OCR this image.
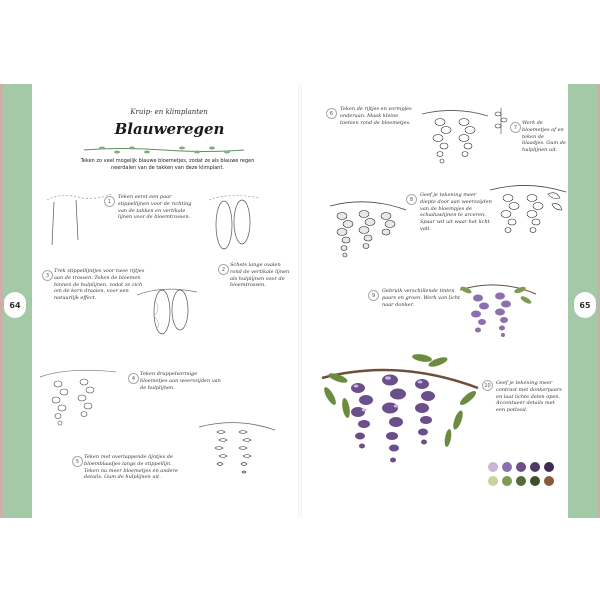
64	65
Kruip- en klimplanten
Blauweregen
Teken zo veel mogelijk blauwe bloemetjes, zodat ze als blauwe regen neerdalen van de takken van deze klimplant.
1
Teken eerst een paar stippellijnen voor de richting van de takken en vertikale lijnen voor de bloemtrossen.
2
Schets lange ovalen rond de vertikale lijnen als hulplijnen voor de bloemtrossen.
3
Trek stippellijntjes voor twee rijtjes aan de trossen. Teken de bloemen binnen de hulplijnen, zodat ze zich om de kern draaien, voor een natuurlijk effect.
4
Teken druppelvormige bloemetjes aan weerszijden van de hulplijnen.
5
Teken met overlappende lijntjes de bloemblaadjes langs de stippellijn. Teken nu meer bloemetjes en andere details. Gum de hulplijnen uit.
6
Teken de rijtjes en vormpjes onderaan. Maak kleine toetsen rond de bloemetjes.
7
Werk de bloemetjes af en teken de blaadjes. Gum de hulplijnen uit.
8
Geef je tekening meer diepte door aan weerszijden van de bloempjes de schaduwlijnen te arceren. Spaar wit uit waar het licht valt.
9
Gebruik verschillende tinten paars en groen. Werk van licht naar donker.
10	Geef je tekening meer contrast met donkerpaars en laat lichte delen open. Accentueer details met een potlood.
